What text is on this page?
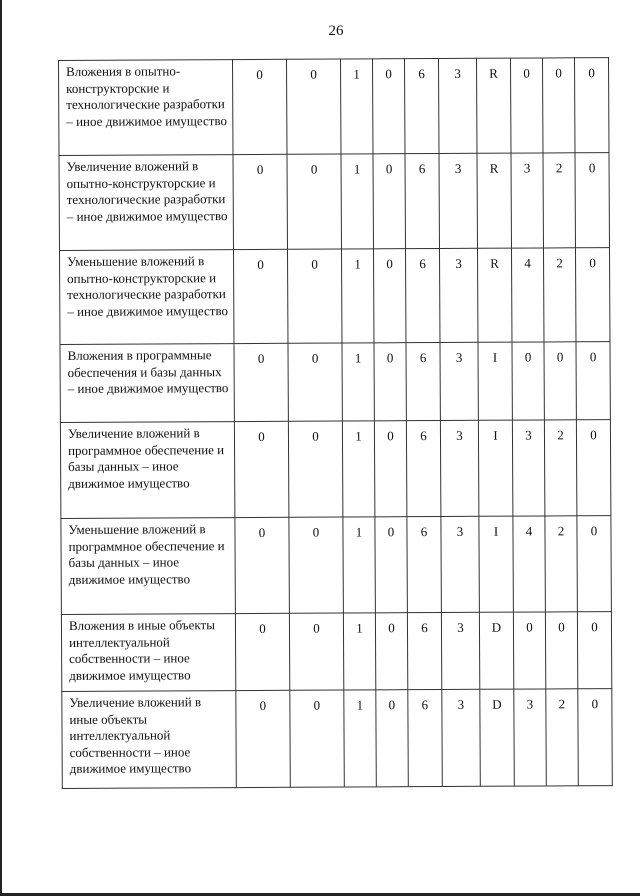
26
Вложения в опытно-конструкторские и технологические разработки – иное движимое имущество	0	0	1	0	6	3	R	0	0	0
Увеличение вложений в опытно-конструкторские и технологические разработки – иное движимое имущество	0	0	1	0	6	3	R	3	2	0
Уменьшение вложений в опытно-конструкторские и технологические разработки – иное движимое имущество	0	0	1	0	6	3	R	4	2	0
Вложения в программные обеспечения и базы данных – иное движимое имущество	0	0	1	0	6	3	I	0	0	0
Увеличение вложений в программное обеспечение и базы данных – иное движимое имущество	0	0	1	0	6	3	I	3	2	0
Уменьшение вложений в программное обеспечение и базы данных – иное движимое имущество	0	0	1	0	6	3	I	4	2	0
Вложения в иные объекты интеллектуальной собственности – иное движимое имущество	0	0	1	0	6	3	D	0	0	0
Увеличение вложений в иные объекты интеллектуальной собственности – иное движимое имущество	0	0	1	0	6	3	D	3	2	0
